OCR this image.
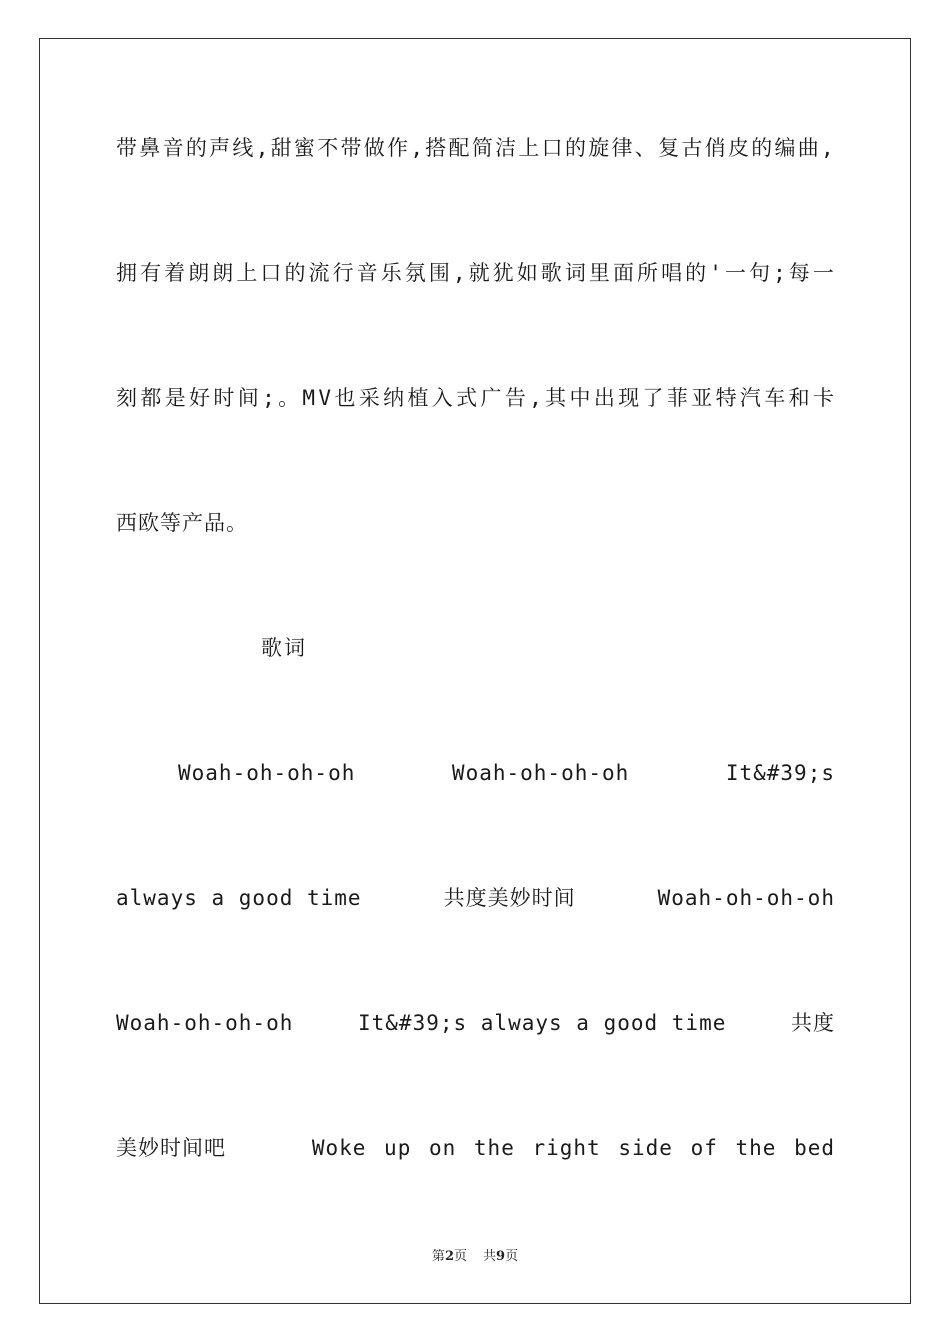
带 鼻 音 的 声 线 , 甜 蜜 不 带 做 作 , 搭 配 简 洁 上 口 的 旋 律 、 复 古 俏 皮 的 编 曲 ,
拥 有 着 朗 朗 上 口 的 流 行 音 乐 氛 围 , 就 犹 如 歌 词 里 面 所 唱 的 ' 一 句 ; 每 一
刻 都 是 好 时 间 ; 。 M V 也 采 纳 植 入 式 广 告 , 其 中 出 现 了 菲 亚 特 汽 车 和 卡
西欧等产品。
歌词
Woah-oh-oh-oh	Woah-oh-oh-oh	It&#39;s
always a good time	共度美妙时间	Woah-oh-oh-oh
Woah-oh-oh-oh	It&#39;s always a good time	共度
美妙时间吧	Woke up on the right side of the bed
第2页 共9页
